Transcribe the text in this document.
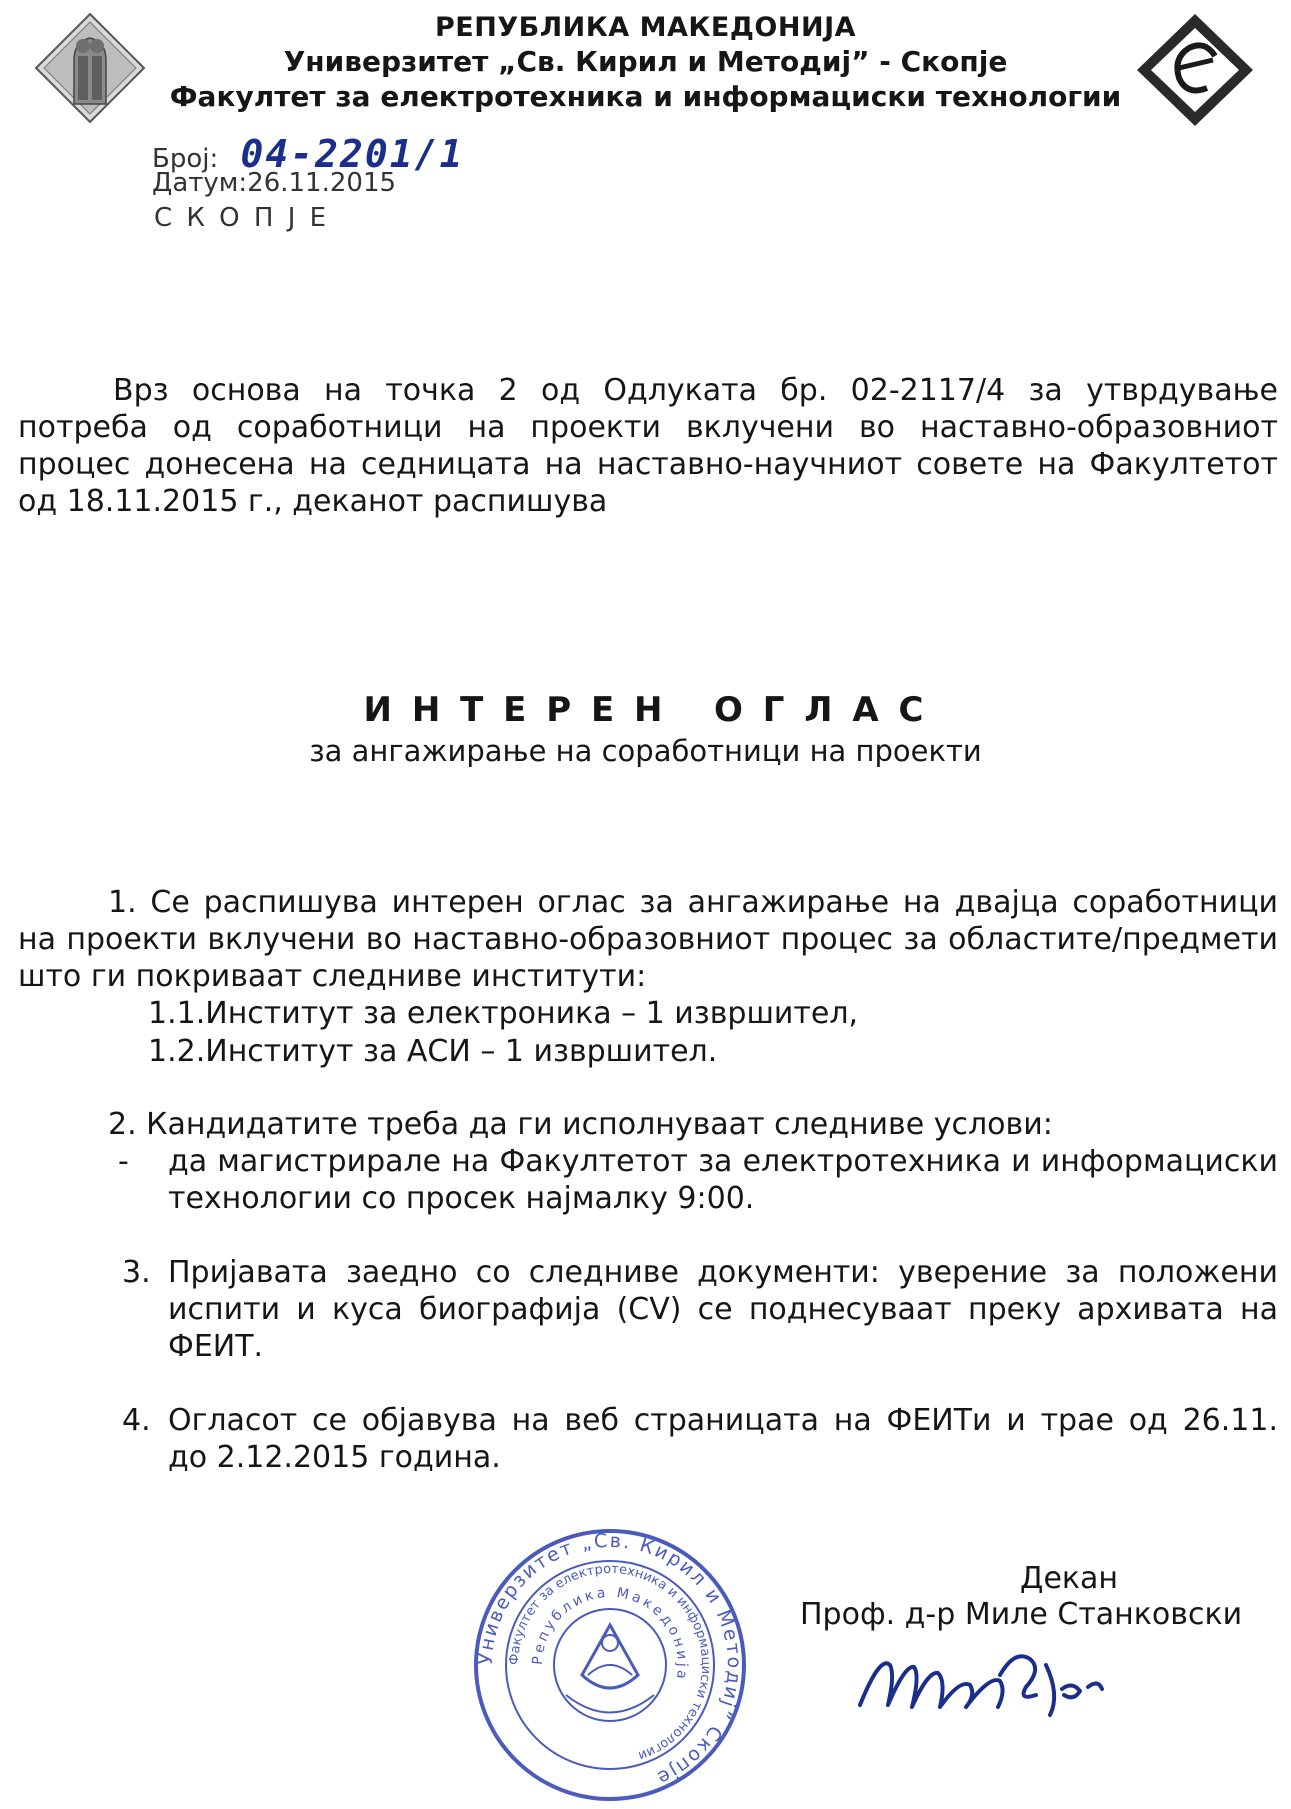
РЕПУБЛИКА МАКЕДОНИЈА
Универзитет „Св. Кирил и Методиј” - Скопје
Факултет за електротехника и информациски технологии
Број: 04-2201/1
Датум:26.11.2015
С К О П Ј Е
Врз основа на точка 2 од Одлуката бр. 02-2117/4 за утврдување
потреба од соработници на проекти вклучени во наставно-образовниот
процес донесена на седницата на наставно-научниот совете на Факултетот
од 18.11.2015 г., деканот распишува
И Н Т Е Р Е Н   О Г Л А С
за ангажирање на соработници на проекти
1. Се распишува интерен оглас за ангажирање на двајца соработници
на проекти вклучени во наставно-образовниот процес за областите/предмети
што ги покриваат следниве институти:
1.1.Институт за електроника – 1 извршител,
1.2.Институт за АСИ – 1 извршител.
2. Кандидатите треба да ги исполнуваат следниве услови:
-	да магистрирале на Факултетот за електротехника и информациски
технологии со просек најмалку 9:00.
3. Пријавата заедно со следниве документи: уверение за положени
испити и куса биографија (CV) се поднесуваат преку архивата на
ФЕИТ.
4. Огласот се објавува на веб страницата на ФЕИТи и трае од 26.11.
до 2.12.2015 година.
Универзитет „Св. Кирил и Методиј” Скопје
Факултет за електротехника и информациски технологии
Република Македонија
Декан
Проф. д-р Миле Станковски
